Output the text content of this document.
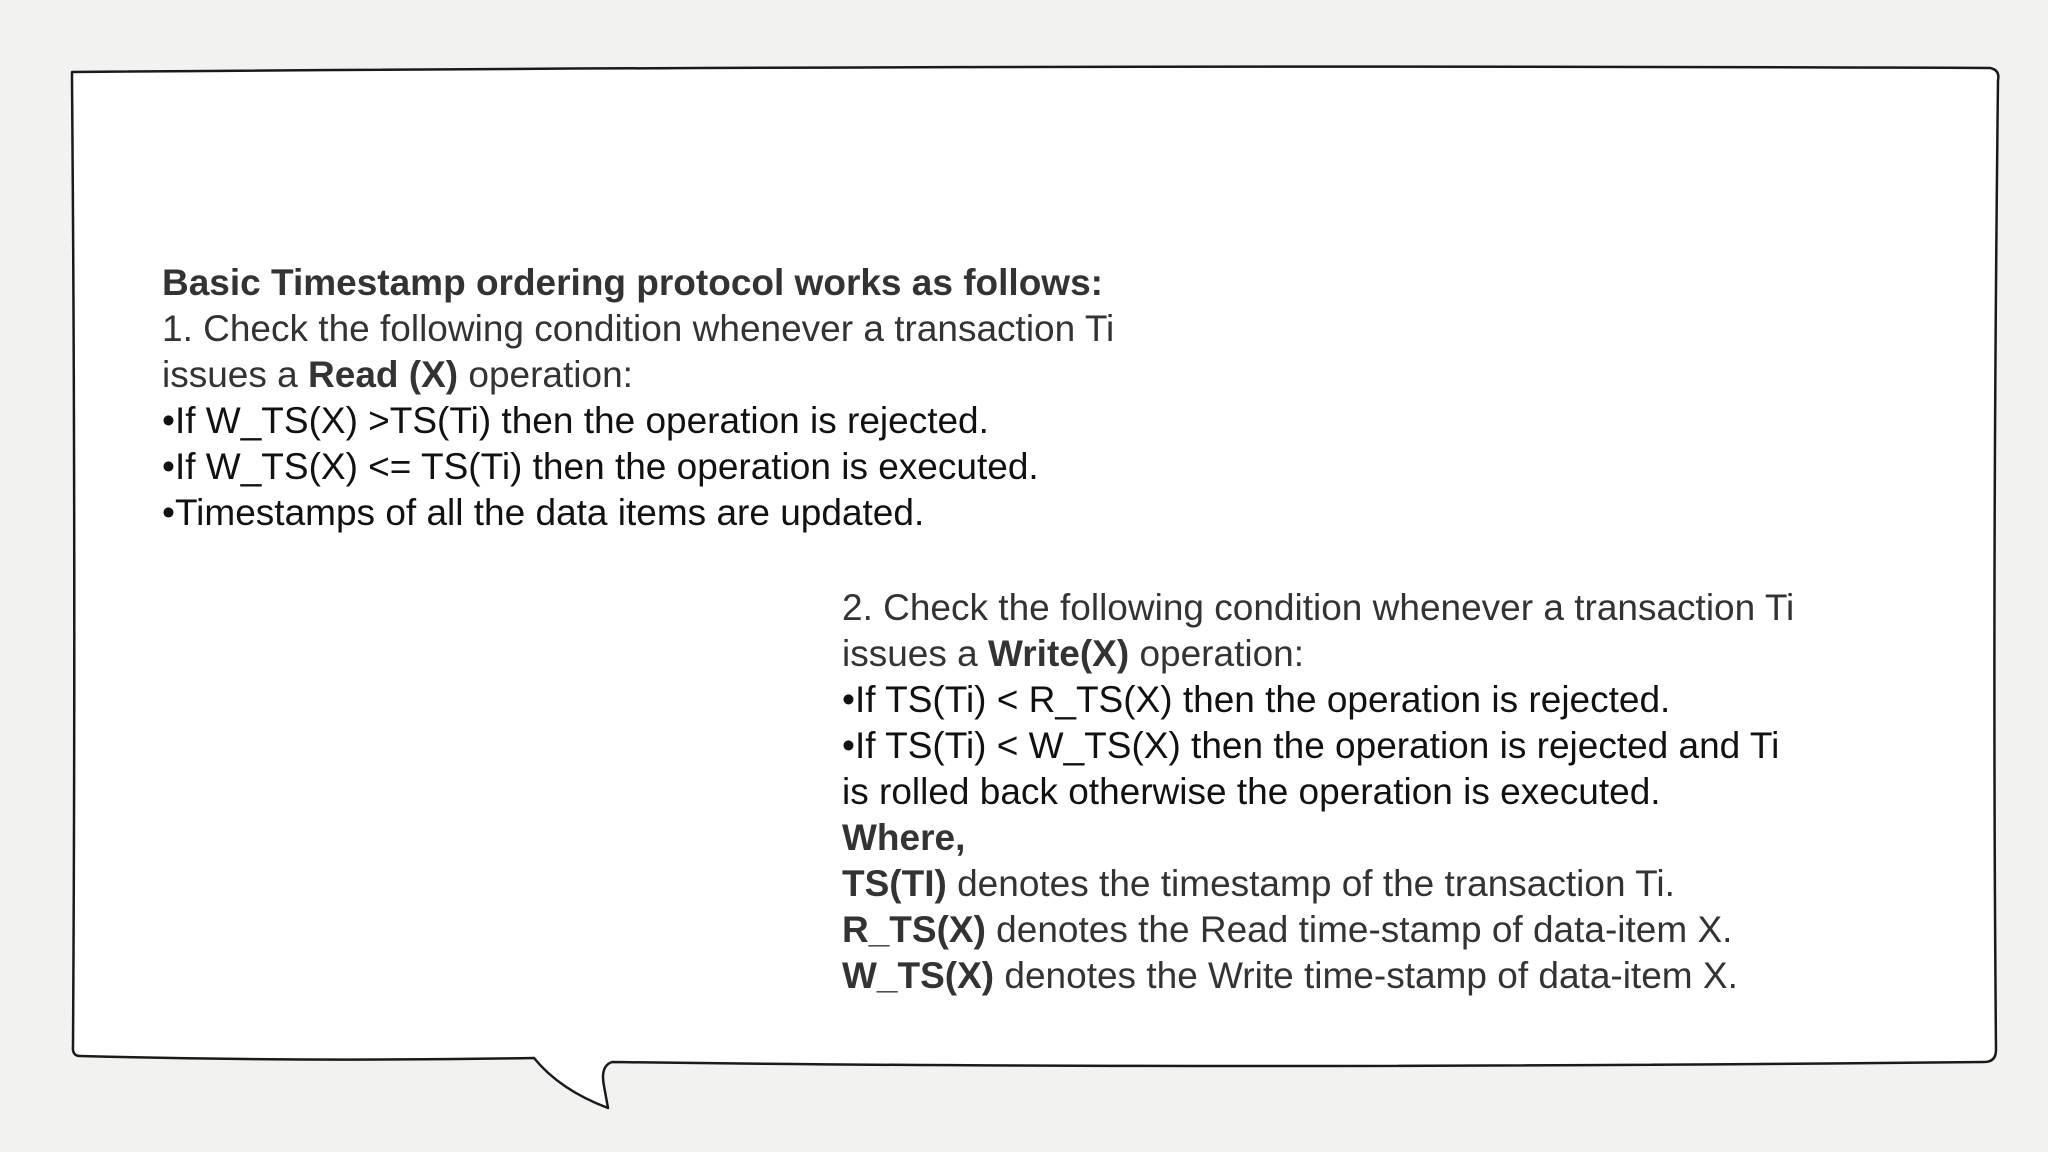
Basic Timestamp ordering protocol works as follows:
1. Check the following condition whenever a transaction Ti
issues a Read (X) operation:
•If W_TS(X) >TS(Ti) then the operation is rejected.
•If W_TS(X) <= TS(Ti) then the operation is executed.
•Timestamps of all the data items are updated.
2. Check the following condition whenever a transaction Ti
issues a Write(X) operation:
•If TS(Ti) < R_TS(X) then the operation is rejected.
•If TS(Ti) < W_TS(X) then the operation is rejected and Ti
is rolled back otherwise the operation is executed.
Where,
TS(TI) denotes the timestamp of the transaction Ti.
R_TS(X) denotes the Read time-stamp of data-item X.
W_TS(X) denotes the Write time-stamp of data-item X.
